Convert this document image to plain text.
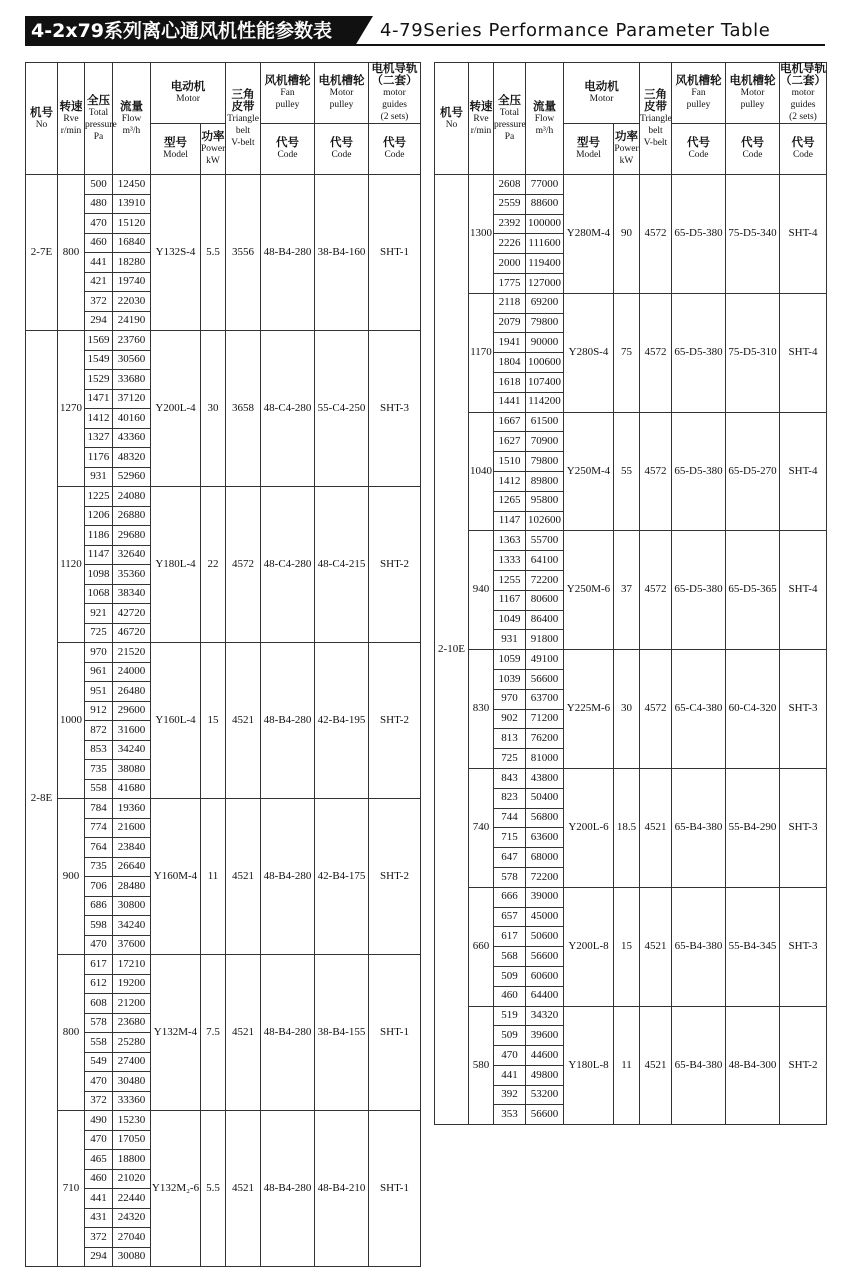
4-2x79系列离心通风机性能参数表	4-79Series Performance Parameter Table
机号
No	转速
Rve
r/min	全压
Total
pressure
Pa	流量
Flow
m³/h	电动机
Motor		三角皮带
Triangle
belt
V-belt	风机槽轮
Fan
pulley	电机槽轮
Motor
pulley	电机导轨（二套）
motor
guides
(2 sets)
				型号
Model	功率
Power
kW		代号
Code	代号
Code	代号
Code
2-7E	800	500	12450	Y132S-4	5.5	3556	48-B4-280	38-B4-160	SHT-1
		480	13910						
		470	15120						
		460	16840						
		441	18280						
		421	19740						
		372	22030						
		294	24190						
2-8E	1270	1569	23760	Y200L-4	30	3658	48-C4-280	55-C4-250	SHT-3
		1549	30560						
		1529	33680						
		1471	37120						
		1412	40160						
		1327	43360						
		1176	48320						
		931	52960						
	1120	1225	24080	Y180L-4	22	4572	48-C4-280	48-C4-215	SHT-2
		1206	26880						
		1186	29680						
		1147	32640						
		1098	35360						
		1068	38340						
		921	42720						
		725	46720						
	1000	970	21520	Y160L-4	15	4521	48-B4-280	42-B4-195	SHT-2
		961	24000						
		951	26480						
		912	29600						
		872	31600						
		853	34240						
		735	38080						
		558	41680						
	900	784	19360	Y160M-4	11	4521	48-B4-280	42-B4-175	SHT-2
		774	21600						
		764	23840						
		735	26640						
		706	28480						
		686	30800						
		598	34240						
		470	37600						
	800	617	17210	Y132M-4	7.5	4521	48-B4-280	38-B4-155	SHT-1
		612	19200						
		608	21200						
		578	23680						
		558	25280						
		549	27400						
		470	30480						
		372	33360						
	710	490	15230	Y132M₂-6	5.5	4521	48-B4-280	48-B4-210	SHT-1
		470	17050						
		465	18800						
		460	21020						
		441	22440						
		431	24320						
		372	27040						
		294	30080						
机号
No	转速
Rve
r/min	全压
Total
pressure
Pa	流量
Flow
m³/h	电动机
Motor		三角皮带
Triangle
belt
V-belt	风机槽轮
Fan
pulley	电机槽轮
Motor
pulley	电机导轨（二套）
motor
guides
(2 sets)
				型号
Model	功率
Power
kW		代号
Code	代号
Code	代号
Code
2-10E	1300	2608	77000	Y280M-4	90	4572	65-D5-380	75-D5-340	SHT-4
		2559	88600						
		2392	100000						
		2226	111600						
		2000	119400						
		1775	127000						
	1170	2118	69200	Y280S-4	75	4572	65-D5-380	75-D5-310	SHT-4
		2079	79800						
		1941	90000						
		1804	100600						
		1618	107400						
		1441	114200						
	1040	1667	61500	Y250M-4	55	4572	65-D5-380	65-D5-270	SHT-4
		1627	70900						
		1510	79800						
		1412	89800						
		1265	95800						
		1147	102600						
	940	1363	55700	Y250M-6	37	4572	65-D5-380	65-D5-365	SHT-4
		1333	64100						
		1255	72200						
		1167	80600						
		1049	86400						
		931	91800						
	830	1059	49100	Y225M-6	30	4572	65-C4-380	60-C4-320	SHT-3
		1039	56600						
		970	63700						
		902	71200						
		813	76200						
		725	81000						
	740	843	43800	Y200L-6	18.5	4521	65-B4-380	55-B4-290	SHT-3
		823	50400						
		744	56800						
		715	63600						
		647	68000						
		578	72200						
	660	666	39000	Y200L-8	15	4521	65-B4-380	55-B4-345	SHT-3
		657	45000						
		617	50600						
		568	56600						
		509	60600						
		460	64400						
	580	519	34320	Y180L-8	11	4521	65-B4-380	48-B4-300	SHT-2
		509	39600						
		470	44600						
		441	49800						
		392	53200						
		353	56600						
